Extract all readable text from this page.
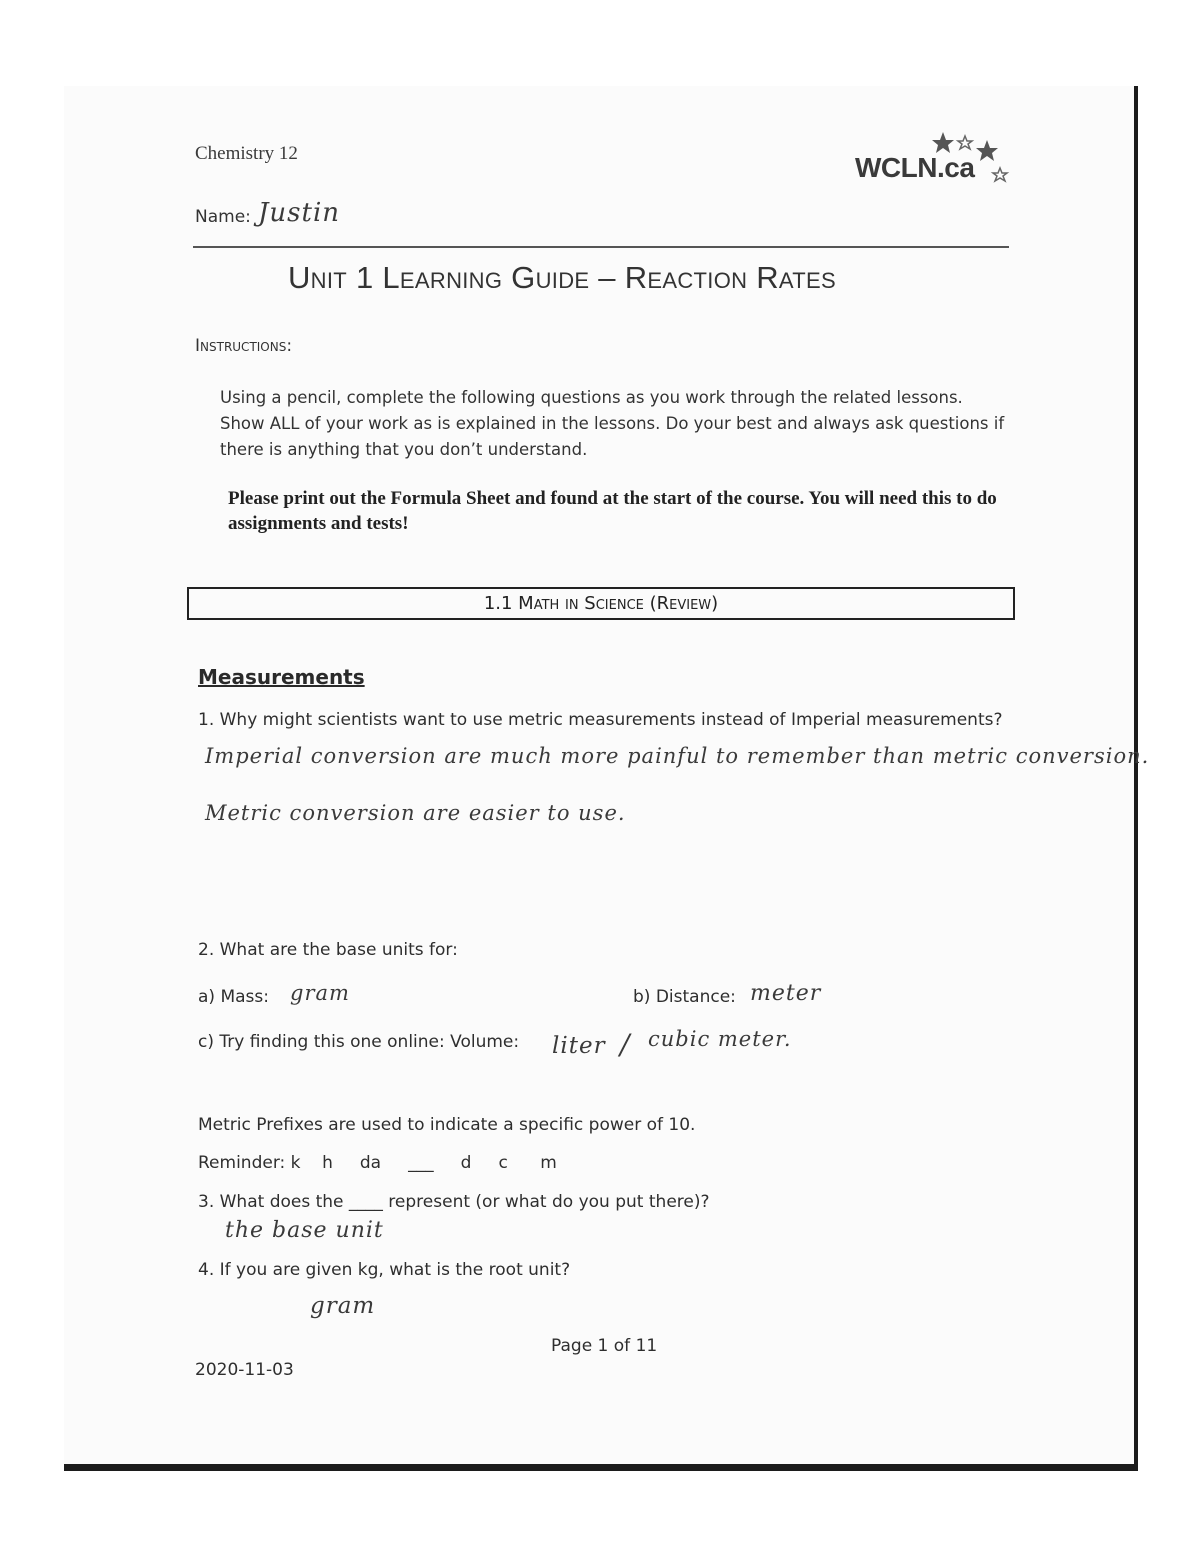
Chemistry 12	WCLN.ca
Name: Justin
Unit 1 Learning Guide – Reaction Rates
Instructions:
Using a pencil, complete the following questions as you work through the related lessons. Show ALL of your work as is explained in the lessons. Do your best and always ask questions if there is anything that you don’t understand.
Please print out the Formula Sheet and found at the start of the course. You will need this to do assignments and tests!
1.1 Math in Science (Review)
Measurements
1. Why might scientists want to use metric measurements instead of Imperial measurements?
Imperial conversion are much more painful to remember than metric conversion.
Metric conversion are easier to use.
2. What are the base units for:
a) Mass: gram	b) Distance: meter
c) Try finding this one online: Volume: liter / cubic meter.
Metric Prefixes are used to indicate a specific power of 10.
Reminder: k    h     da     ___     d     c      m
3. What does the ____ represent (or what do you put there)?
the base unit
4. If you are given kg, what is the root unit?
gram
Page 1 of 11
2020-11-03
